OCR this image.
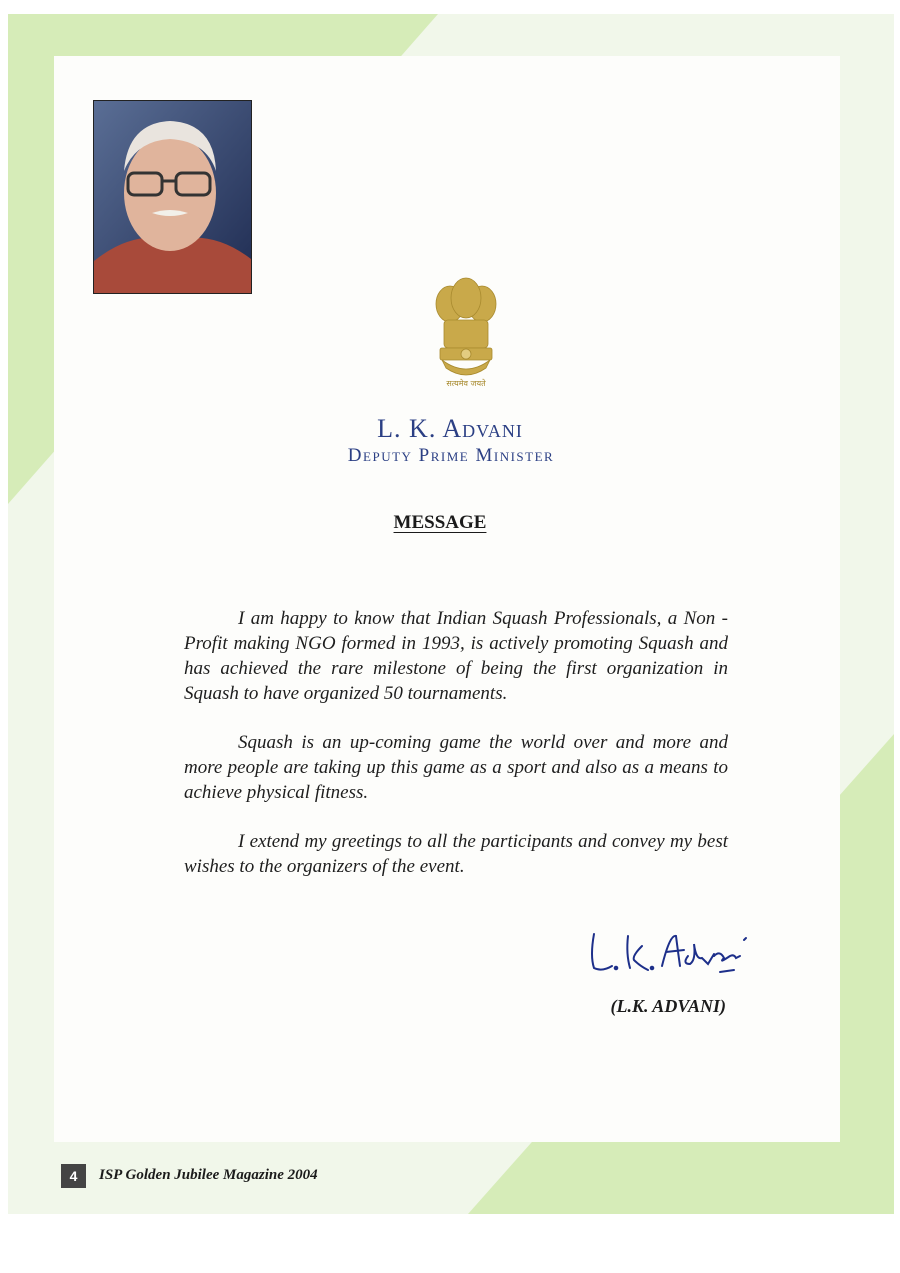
सत्यमेव जयते
L. K. Advani
Deputy Prime Minister
MESSAGE

I am happy to know that Indian Squash Professionals, a Non - Profit making NGO formed in 1993, is actively promoting Squash and has achieved the rare milestone of being the first organization in Squash to have organized 50 tournaments.

Squash is an up-coming game the world over and more and more people are taking up this game as a sport and also as a means to achieve physical fitness.

I extend my greetings to all the participants and convey my best wishes to the organizers of the event.

(L.K. ADVANI)
4	ISP Golden Jubilee Magazine 2004
